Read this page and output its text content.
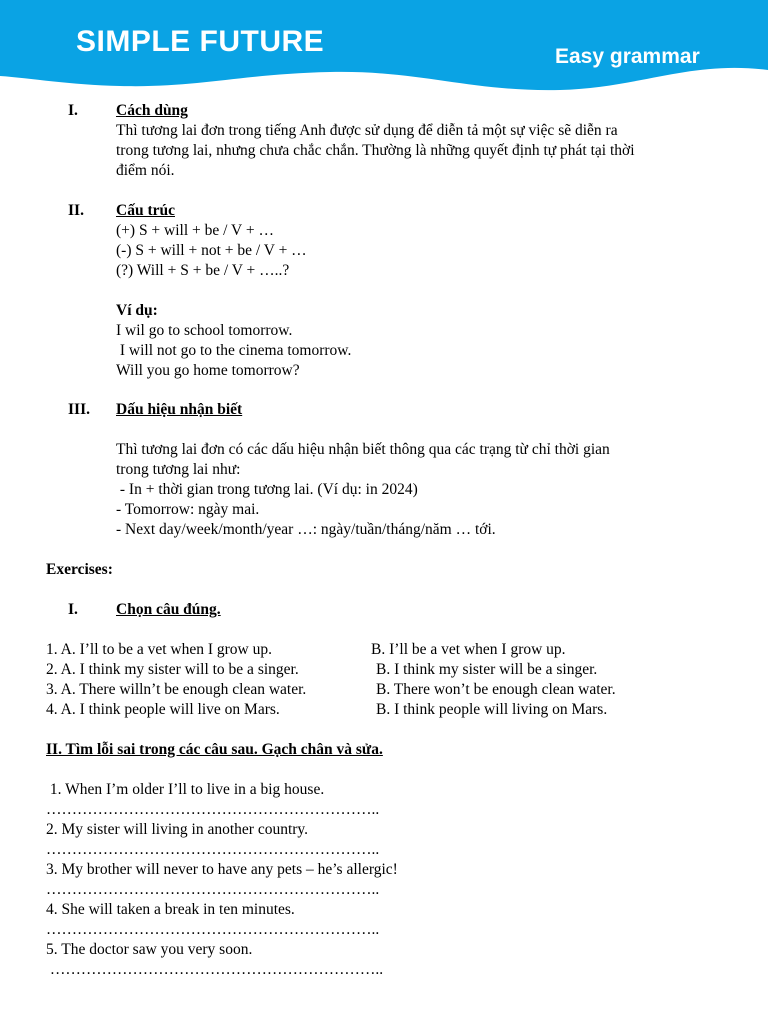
SIMPLE FUTURE	Easy grammar
I. Cách dùng
Thì tương lai đơn trong tiếng Anh được sử dụng để diễn tả một sự việc sẽ diễn ra
trong tương lai, nhưng chưa chắc chắn. Thường là những quyết định tự phát tại thời
điểm nói.
II. Cấu trúc
(+) S + will + be / V + …
(-) S + will + not + be / V + …
(?) Will + S + be / V + …..?
Ví dụ:
I wil go to school tomorrow.
I will not go to the cinema tomorrow.
Will you go home tomorrow?
III. Dấu hiệu nhận biết
Thì tương lai đơn có các dấu hiệu nhận biết thông qua các trạng từ chỉ thời gian
trong tương lai như:
- In + thời gian trong tương lai. (Ví dụ: in 2024)
- Tomorrow: ngày mai.
- Next day/week/month/year …: ngày/tuần/tháng/năm … tới.
Exercises:
I. Chọn câu đúng.
1. A. I’ll to be a vet when I grow up.	B. I’ll be a vet when I grow up.
2. A. I think my sister will to be a singer.	B. I think my sister will be a singer.
3. A. There willn’t be enough clean water.	B. There won’t be enough clean water.
4. A. I think people will live on Mars.	B. I think people will living on Mars.
II. Tìm lỗi sai trong các câu sau. Gạch chân và sửa.
1. When I’m older I’ll to live in a big house.
………………………………………………………..
2. My sister will living in another country.
………………………………………………………..
3. My brother will never to have any pets – he’s allergic!
………………………………………………………..
4. She will taken a break in ten minutes.
………………………………………………………..
5. The doctor saw you very soon.
………………………………………………………..
